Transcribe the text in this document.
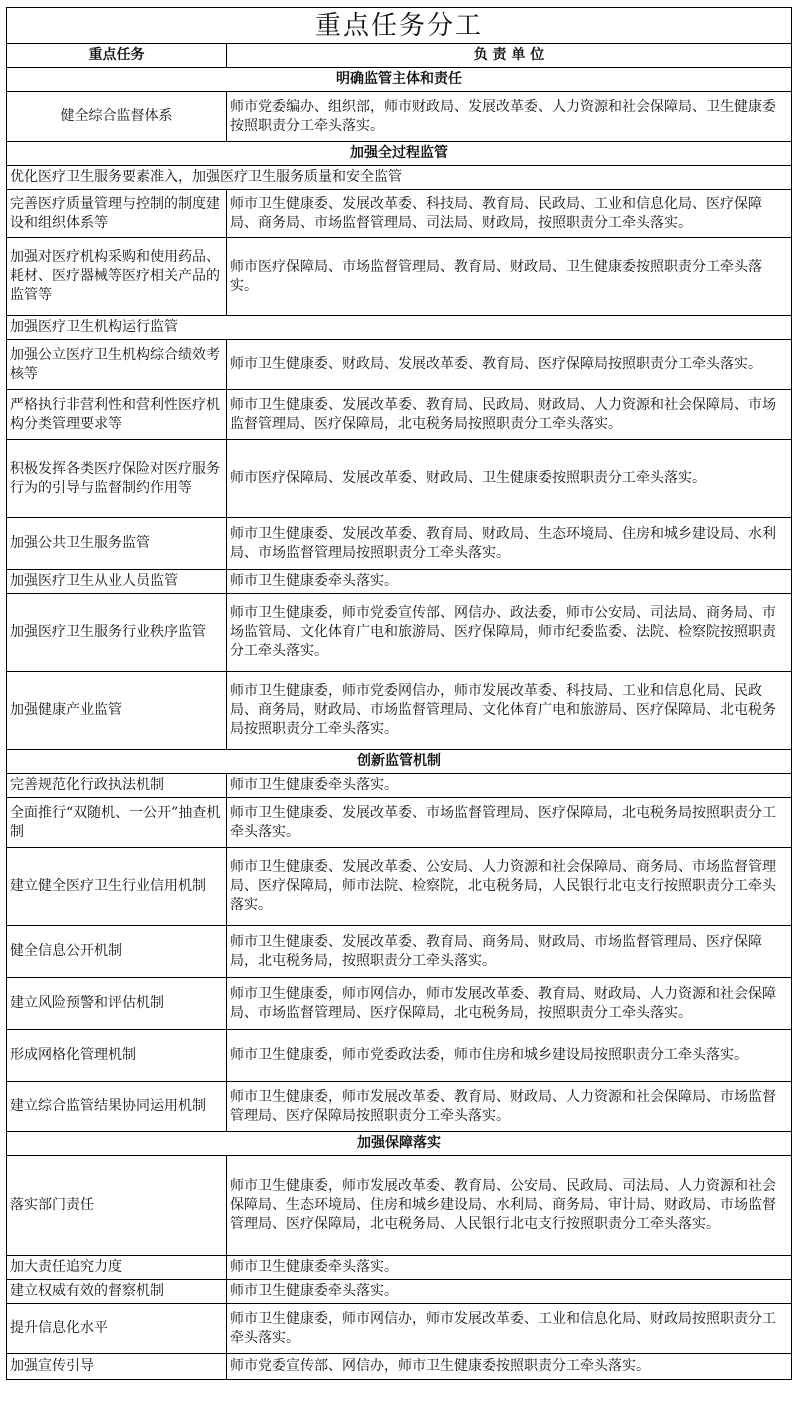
重点任务分工	
重点任务	负 责 单 位
明确监管主体和责任	
健全综合监督体系	师市党委编办、组织部，师市财政局、发展改革委、人力资源和社会保障局、卫生健康委按照职责分工牵头落实。
加强全过程监管	
优化医疗卫生服务要素准入，加强医疗卫生服务质量和安全监管	
完善医疗质量管理与控制的制度建设和组织体系等	师市卫生健康委、发展改革委、科技局、教育局、民政局、工业和信息化局、医疗保障局、商务局、市场监督管理局、司法局、财政局，按照职责分工牵头落实。
加强对医疗机构采购和使用药品、耗材、医疗器械等医疗相关产品的监管等	师市医疗保障局、市场监督管理局、教育局、财政局、卫生健康委按照职责分工牵头落实。
加强医疗卫生机构运行监管	
加强公立医疗卫生机构综合绩效考核等	师市卫生健康委、财政局、发展改革委、教育局、医疗保障局按照职责分工牵头落实。
严格执行非营利性和营利性医疗机构分类管理要求等	师市卫生健康委、发展改革委、教育局、民政局、财政局、人力资源和社会保障局、市场监督管理局、医疗保障局，北屯税务局按照职责分工牵头落实。
积极发挥各类医疗保险对医疗服务行为的引导与监督制约作用等	师市医疗保障局、发展改革委、财政局、卫生健康委按照职责分工牵头落实。
加强公共卫生服务监管	师市卫生健康委、发展改革委、教育局、财政局、生态环境局、住房和城乡建设局、水利局、市场监督管理局按照职责分工牵头落实。
加强医疗卫生从业人员监管	师市卫生健康委牵头落实。
加强医疗卫生服务行业秩序监管	师市卫生健康委，师市党委宣传部、网信办、政法委，师市公安局、司法局、商务局、市场监管局、文化体育广电和旅游局、医疗保障局，师市纪委监委、法院、检察院按照职责分工牵头落实。
加强健康产业监管	师市卫生健康委，师市党委网信办，师市发展改革委、科技局、工业和信息化局、民政局、商务局，财政局、市场监督管理局、文化体育广电和旅游局、医疗保障局、北屯税务局按照职责分工牵头落实。
创新监管机制	
完善规范化行政执法机制	师市卫生健康委牵头落实。
全面推行“双随机、一公开”抽查机制	师市卫生健康委、发展改革委、市场监督管理局、医疗保障局，北屯税务局按照职责分工牵头落实。
建立健全医疗卫生行业信用机制	师市卫生健康委、发展改革委、公安局、人力资源和社会保障局、商务局、市场监督管理局、医疗保障局，师市法院、检察院，北屯税务局，人民银行北屯支行按照职责分工牵头落实。
健全信息公开机制	师市卫生健康委、发展改革委、教育局、商务局、财政局、市场监督管理局、医疗保障局，北屯税务局，按照职责分工牵头落实。
建立风险预警和评估机制	师市卫生健康委，师市网信办，师市发展改革委、教育局、财政局、人力资源和社会保障局、市场监督管理局、医疗保障局，北屯税务局，按照职责分工牵头落实。
形成网格化管理机制	师市卫生健康委，师市党委政法委，师市住房和城乡建设局按照职责分工牵头落实。
建立综合监管结果协同运用机制	师市卫生健康委，师市发展改革委、教育局、财政局、人力资源和社会保障局、市场监督管理局、医疗保障局按照职责分工牵头落实。
加强保障落实	
落实部门责任	师市卫生健康委，师市发展改革委、教育局、公安局、民政局、司法局、人力资源和社会保障局、生态环境局、住房和城乡建设局、水利局、商务局、审计局、财政局、市场监督管理局、医疗保障局，北屯税务局、人民银行北屯支行按照职责分工牵头落实。
加大责任追究力度	师市卫生健康委牵头落实。
建立权威有效的督察机制	师市卫生健康委牵头落实。
提升信息化水平	师市卫生健康委，师市网信办，师市发展改革委、工业和信息化局、财政局按照职责分工牵头落实。
加强宣传引导	师市党委宣传部、网信办，师市卫生健康委按照职责分工牵头落实。
